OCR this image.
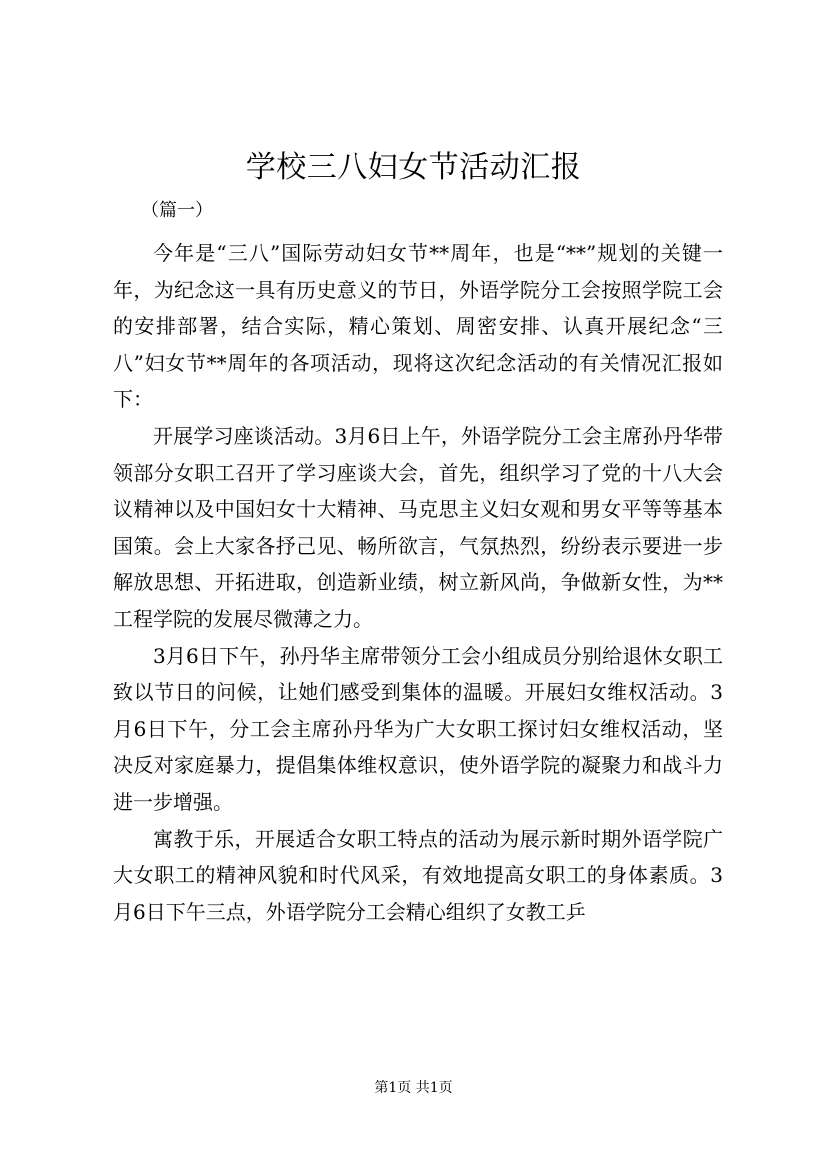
学校三八妇女节活动汇报

（篇一）

今年是“三八”国际劳动妇女节**周年，也是“**”规划的关键一年，为纪念这一具有历史意义的节日，外语学院分工会按照学院工会的安排部署，结合实际，精心策划、周密安排、认真开展纪念“三八”妇女节**周年的各项活动，现将这次纪念活动的有关情况汇报如下：

开展学习座谈活动。3月6日上午，外语学院分工会主席孙丹华带领部分女职工召开了学习座谈大会，首先，组织学习了党的十八大会议精神以及中国妇女十大精神、马克思主义妇女观和男女平等等基本国策。会上大家各抒己见、畅所欲言，气氛热烈，纷纷表示要进一步解放思想、开拓进取，创造新业绩，树立新风尚，争做新女性，为**工程学院的发展尽微薄之力。

3月6日下午，孙丹华主席带领分工会小组成员分别给退休女职工致以节日的问候，让她们感受到集体的温暖。开展妇女维权活动。3月6日下午，分工会主席孙丹华为广大女职工探讨妇女维权活动，坚决反对家庭暴力，提倡集体维权意识，使外语学院的凝聚力和战斗力进一步增强。

寓教于乐，开展适合女职工特点的活动为展示新时期外语学院广大女职工的精神风貌和时代风采，有效地提高女职工的身体素质。3月6日下午三点，外语学院分工会精心组织了女教工乒

第1页 共1页
